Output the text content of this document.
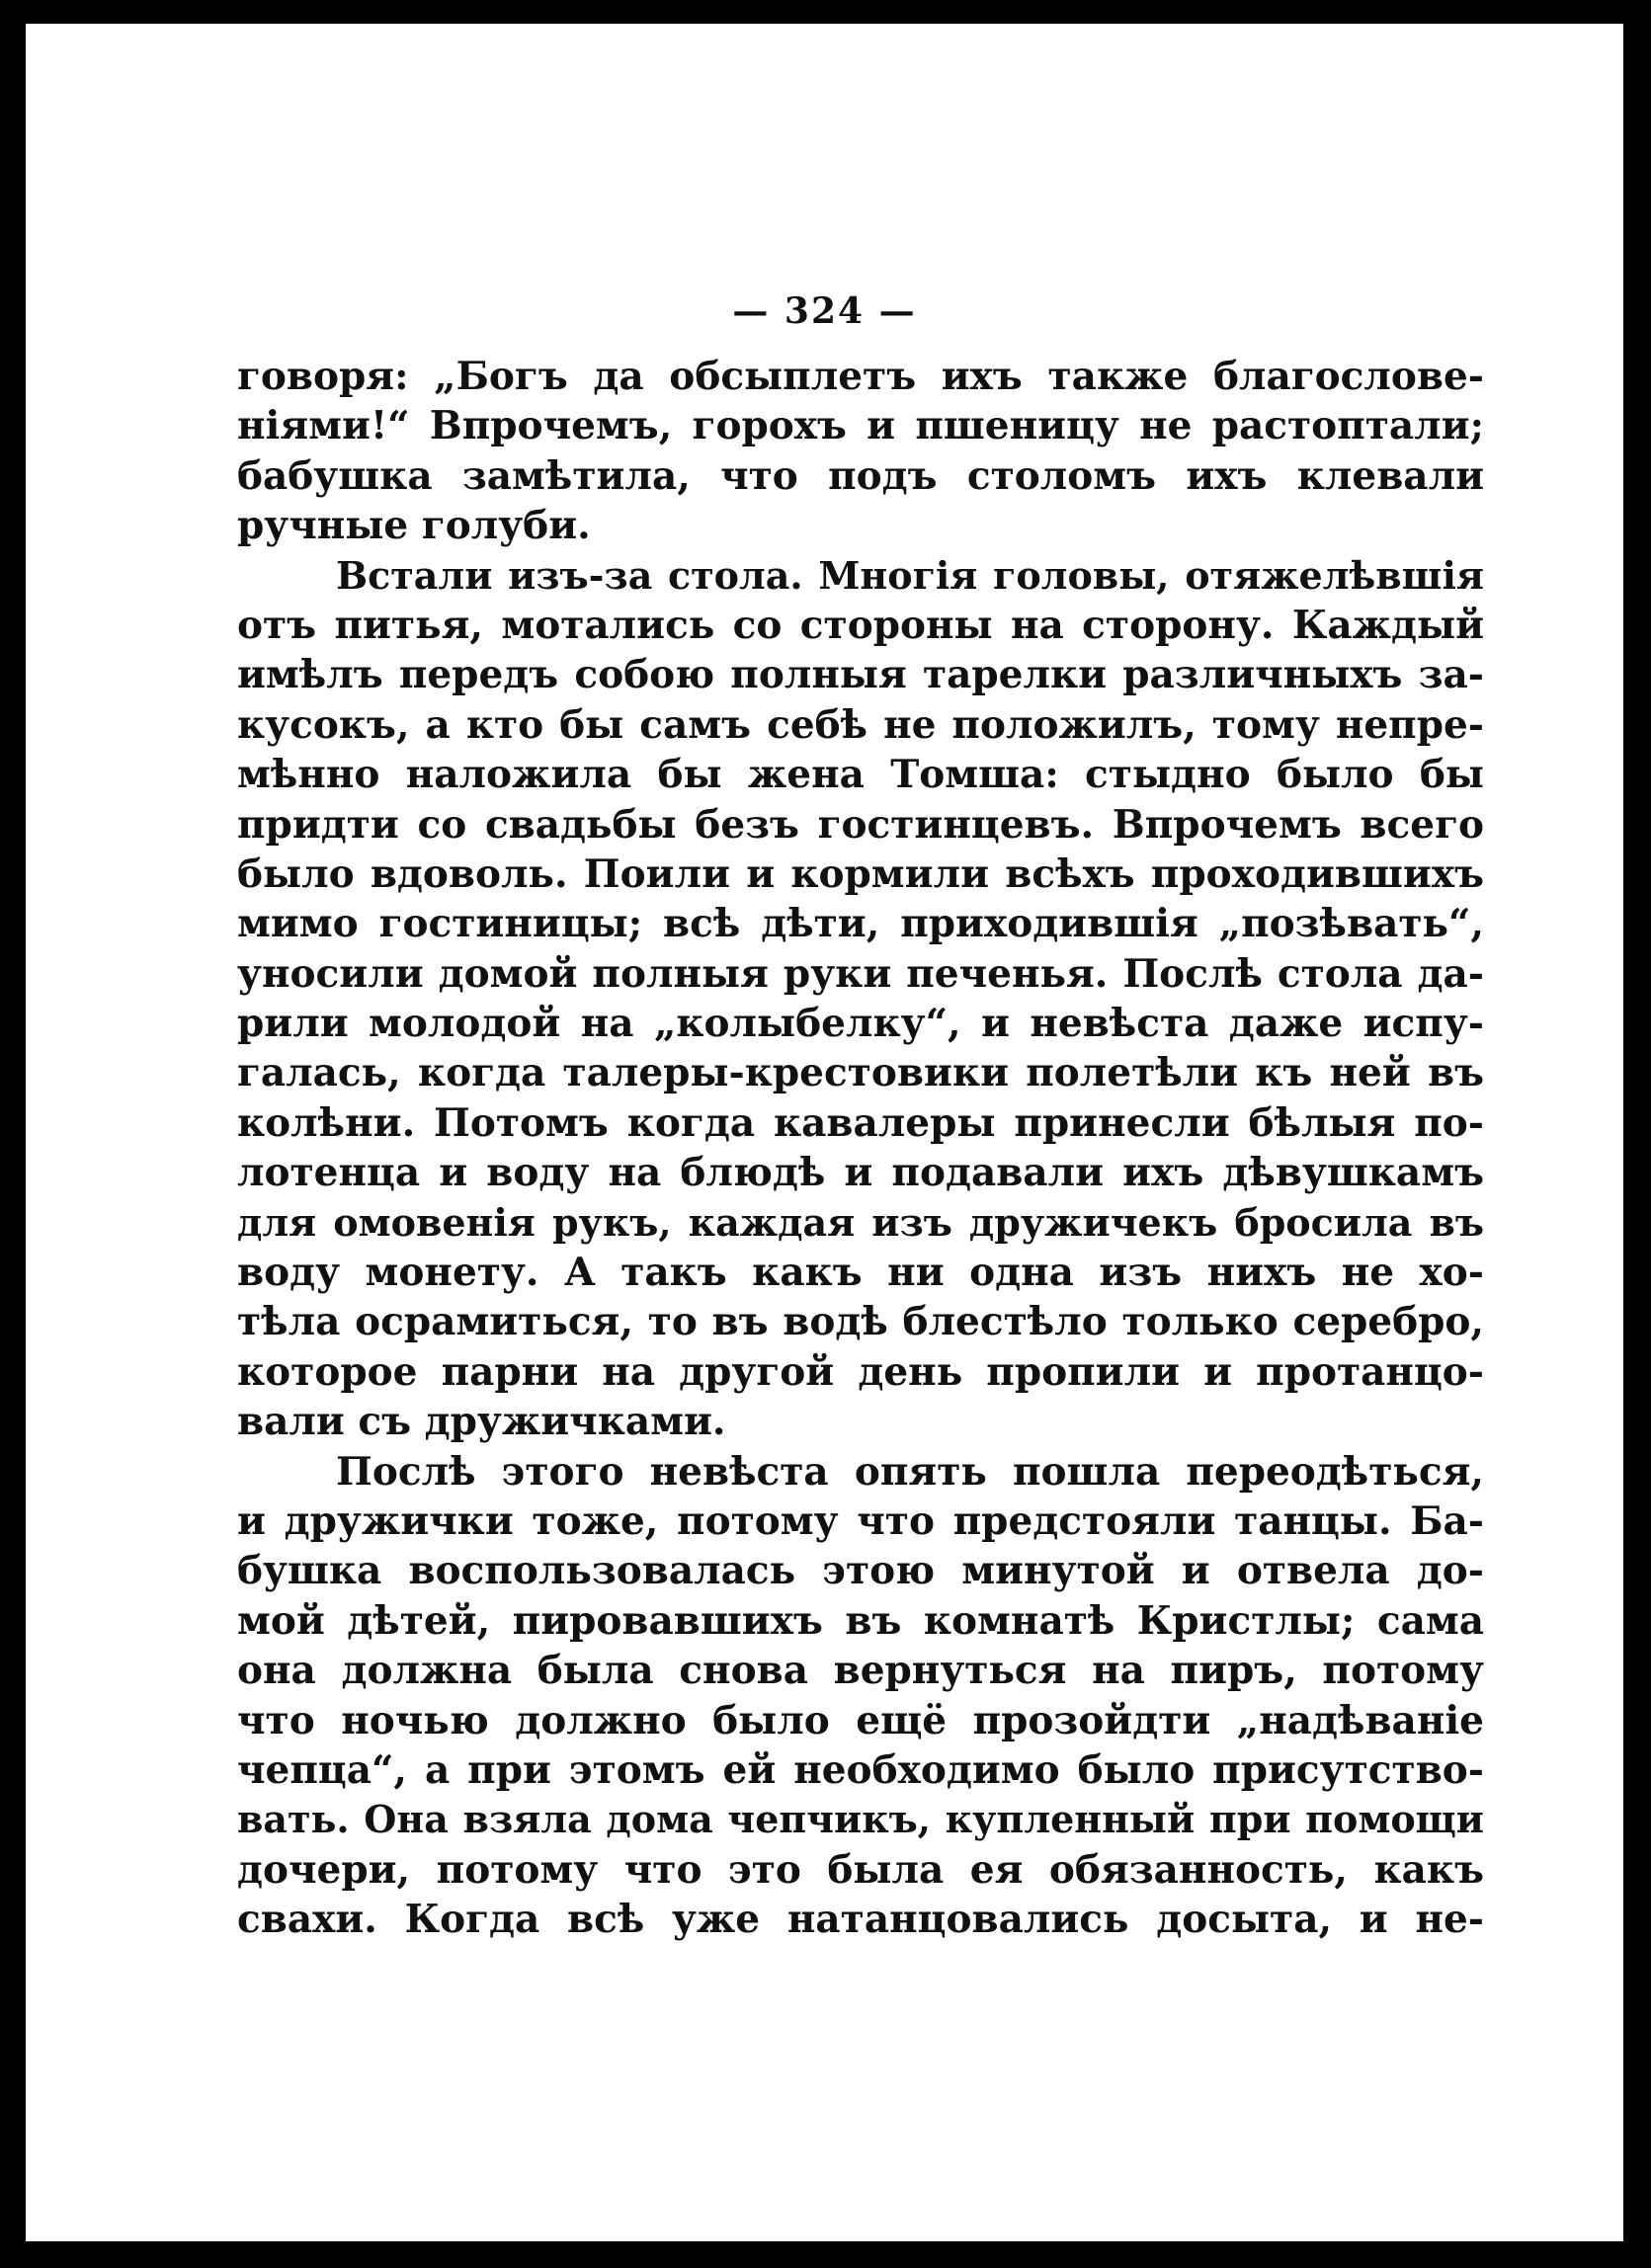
— 324 —
говоря: „Богъ да обсыплетъ ихъ также благослове-
ніями!“ Впрочемъ, горохъ и пшеницу не растоптали;
бабушка замѣтила, что подъ столомъ ихъ клевали
ручные голуби.
Встали изъ-за стола. Многія головы, отяжелѣвшія
отъ питья, мотались со стороны на сторону. Каждый
имѣлъ передъ собою полныя тарелки различныхъ за-
кусокъ, а кто бы самъ себѣ не положилъ, тому непре-
мѣнно наложила бы жена Томша: стыдно было бы
придти со свадьбы безъ гостинцевъ. Впрочемъ всего
было вдоволь. Поили и кормили всѣхъ проходившихъ
мимо гостиницы; всѣ дѣти, приходившія „позѣвать“,
уносили домой полныя руки печенья. Послѣ стола да-
рили молодой на „колыбелку“, и невѣста даже испу-
галась, когда талеры-крестовики полетѣли къ ней въ
колѣни. Потомъ когда кавалеры принесли бѣлыя по-
лотенца и воду на блюдѣ и подавали ихъ дѣвушкамъ
для омовенія рукъ, каждая изъ дружичекъ бросила въ
воду монету. А такъ какъ ни одна изъ нихъ не хо-
тѣла осрамиться, то въ водѣ блестѣло только серебро,
которое парни на другой день пропили и протанцо-
вали съ дружичками.
Послѣ этого невѣста опять пошла переодѣться,
и дружички тоже, потому что предстояли танцы. Ба-
бушка воспользовалась этою минутой и отвела до-
мой дѣтей, пировавшихъ въ комнатѣ Кристлы; сама
она должна была снова вернуться на пиръ, потому
что ночью должно было ещё прозойдти „надѣваніе
чепца“, а при этомъ ей необходимо было присутство-
вать. Она взяла дома чепчикъ, купленный при помощи
дочери, потому что это была ея обязанность, какъ
свахи. Когда всѣ уже натанцовались досыта, и не-
